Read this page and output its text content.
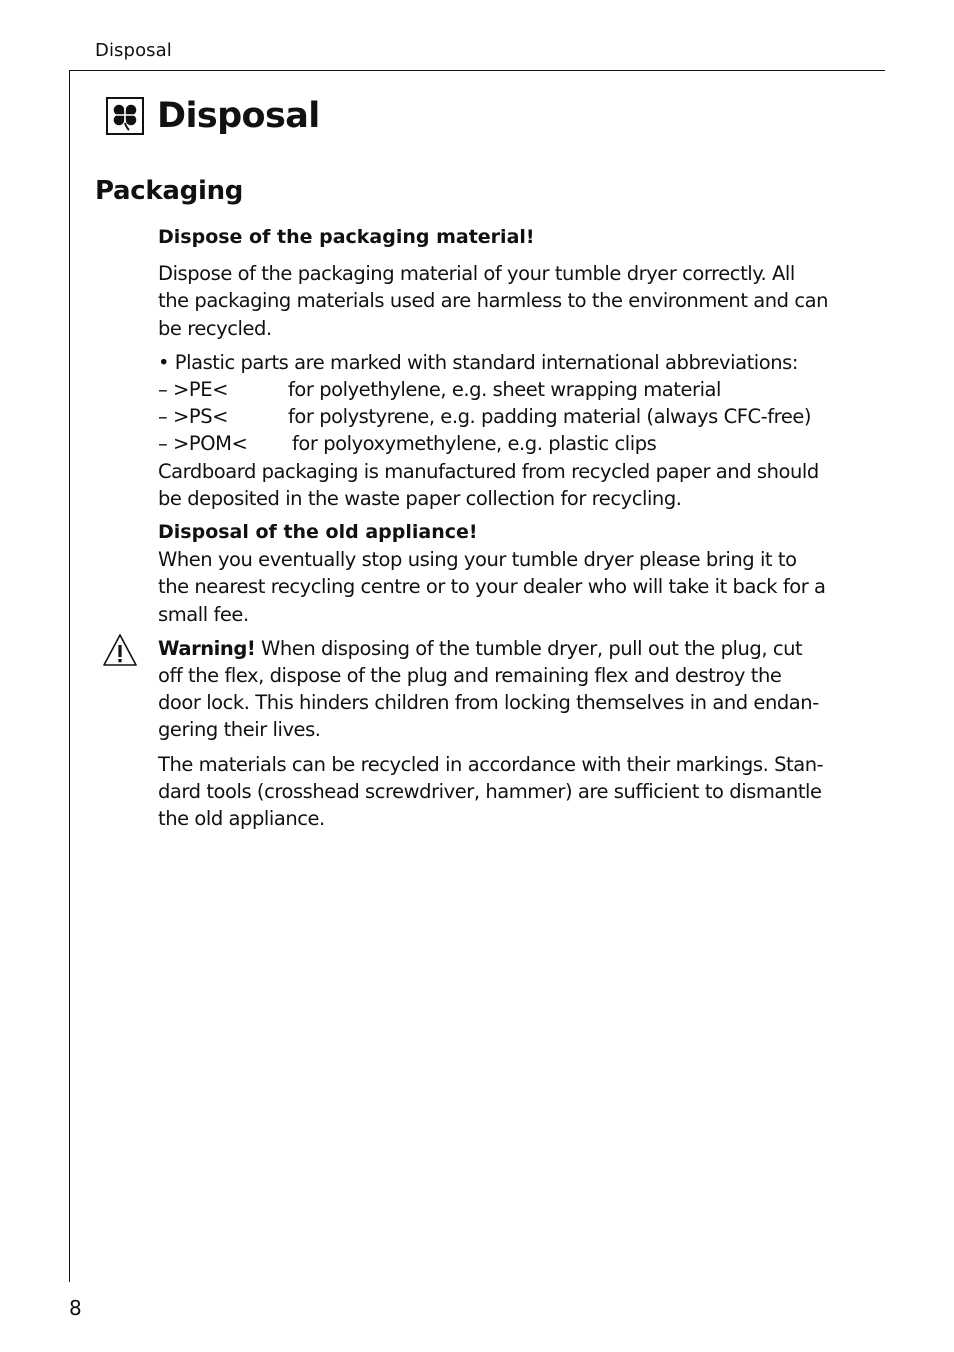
Disposal
Disposal
Packaging

Dispose of the packaging material!

Dispose of the packaging material of your tumble dryer correctly. All

the packaging materials used are harmless to the environment and can

be recycled.

• Plastic parts are marked with standard international abbreviations:

– >PE<	for polyethylene, e.g. sheet wrapping material
– >PS<	for polystyrene, e.g. padding material (always CFC-free)
– >POM<	for polyoxymethylene, e.g. plastic clips

Cardboard packaging is manufactured from recycled paper and should

be deposited in the waste paper collection for recycling.

Disposal of the old appliance!

When you eventually stop using your tumble dryer please bring it to

the nearest recycling centre or to your dealer who will take it back for a

small fee.

Warning! When disposing of the tumble dryer, pull out the plug, cut

off the flex, dispose of the plug and remaining flex and destroy the

door lock. This hinders children from locking themselves in and endan-

gering their lives.

The materials can be recycled in accordance with their markings. Stan-

dard tools (crosshead screwdriver, hammer) are sufficient to dismantle

the old appliance.

8
